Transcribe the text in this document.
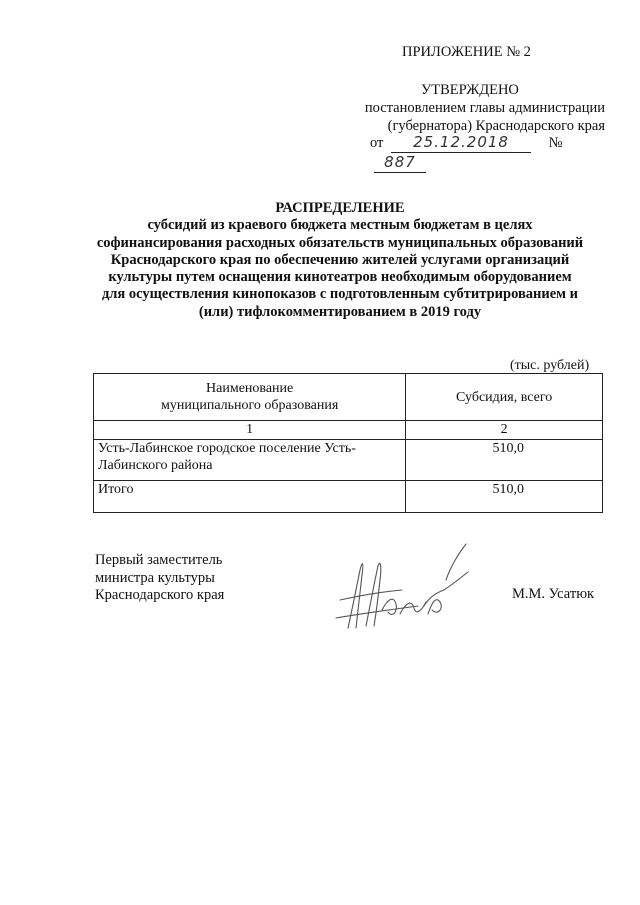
ПРИЛОЖЕНИЕ № 2
УТВЕРЖДЕНО
постановлением главы администрации
(губернатора) Краснодарского края
от 25.12.2018	№ 887
РАСПРЕДЕЛЕНИЕ
субсидий из краевого бюджета местным бюджетам в целях
софинансирования расходных обязательств муниципальных образований
Краснодарского края по обеспечению жителей услугами организаций
культуры путем оснащения кинотеатров необходимым оборудованием
для осуществления кинопоказов с подготовленным субтитрированием и
(или) тифлокомментированием в 2019 году
(тыс. рублей)
Наименование
муниципального образования	Субсидия, всего
1	2
Усть-Лабинское городское поселение Усть-Лабинского района	510,0
Итого	510,0
Первый заместитель
министра культуры
Краснодарского края	М.М. Усатюк
